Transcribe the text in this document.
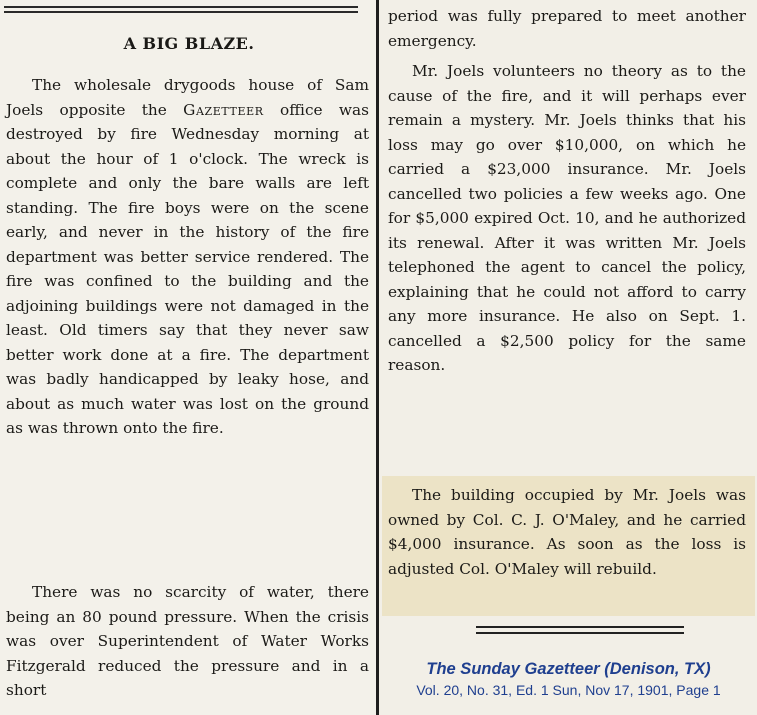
A BIG BLAZE.

The wholesale drygoods house of Sam Joels opposite the Gazetteer office was destroyed by fire Wednesday morning at about the hour of 1 o'clock. The wreck is complete and only the bare walls are left standing. The fire boys were on the scene early, and never in the history of the fire department was better service rendered. The fire was confined to the building and the adjoining buildings were not damaged in the least. Old timers say that they never saw better work done at a fire. The department was badly handicapped by leaky hose, and about as much water was lost on the ground as was thrown onto the fire.

There was no scarcity of water, there being an 80 pound pressure. When the crisis was over Superintendent of Water Works Fitzgerald reduced the pressure and in a short

period was fully prepared to meet another emergency.

Mr. Joels volunteers no theory as to the cause of the fire, and it will perhaps ever remain a mystery. Mr. Joels thinks that his loss may go over $10,000, on which he carried a $23,000 insurance. Mr. Joels cancelled two policies a few weeks ago. One for $5,000 expired Oct. 10, and he authorized its renewal. After it was written Mr. Joels telephoned the agent to cancel the policy, explaining that he could not afford to carry any more insurance. He also on Sept. 1. cancelled a $2,500 policy for the same reason.

The building occupied by Mr. Joels was owned by Col. C. J. O'Maley, and he carried $4,000 insurance. As soon as the loss is adjusted Col. O'Maley will rebuild.

The Sunday Gazetteer (Denison, TX)
Vol. 20, No. 31, Ed. 1 Sun, Nov 17, 1901, Page 1
